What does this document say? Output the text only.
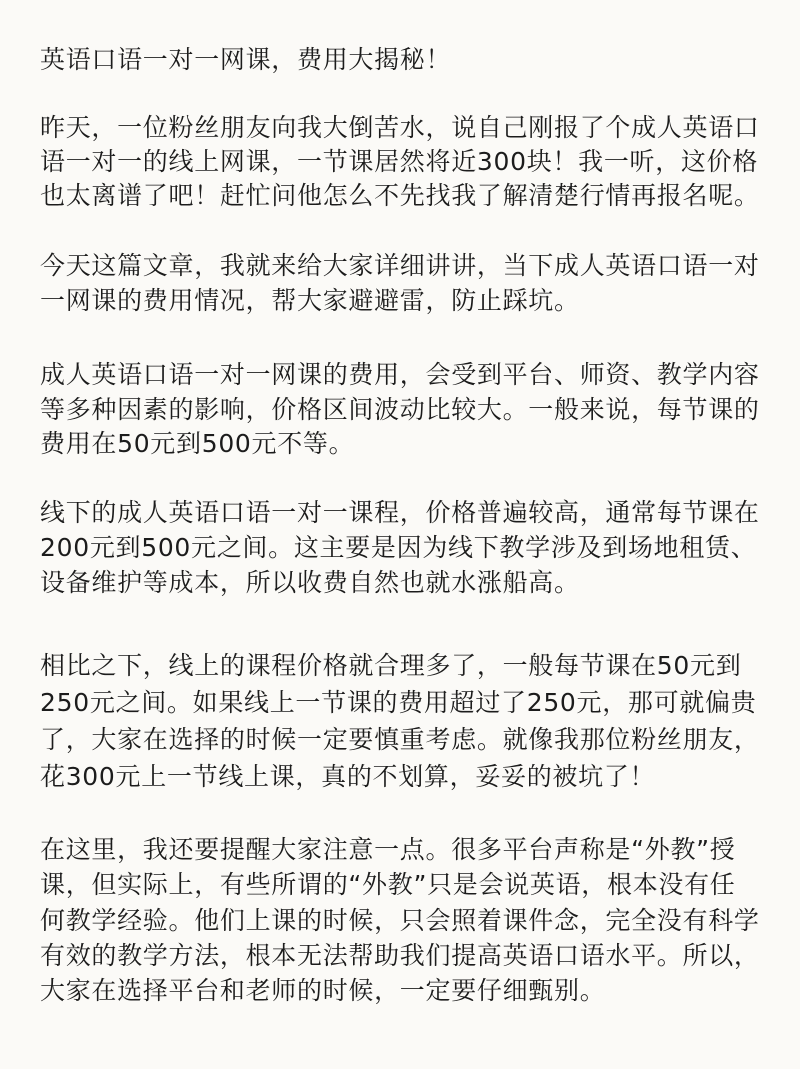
英语口语一对一网课，费用大揭秘！
昨天，一位粉丝朋友向我大倒苦水，说自己刚报了个成人英语口
语一对一的线上网课，一节课居然将近300块！我一听，这价格
也太离谱了吧！赶忙问他怎么不先找我了解清楚行情再报名呢。
今天这篇文章，我就来给大家详细讲讲，当下成人英语口语一对
一网课的费用情况，帮大家避避雷，防止踩坑。
成人英语口语一对一网课的费用，会受到平台、师资、教学内容
等多种因素的影响，价格区间波动比较大。一般来说，每节课的
费用在50元到500元不等。
线下的成人英语口语一对一课程，价格普遍较高，通常每节课在
200元到500元之间。这主要是因为线下教学涉及到场地租赁、
设备维护等成本，所以收费自然也就水涨船高。
相比之下，线上的课程价格就合理多了，一般每节课在50元到
250元之间。如果线上一节课的费用超过了250元，那可就偏贵
了，大家在选择的时候一定要慎重考虑。就像我那位粉丝朋友，
花300元上一节线上课，真的不划算，妥妥的被坑了！
在这里，我还要提醒大家注意一点。很多平台声称是“外教”授
课，但实际上，有些所谓的“外教”只是会说英语，根本没有任
何教学经验。他们上课的时候，只会照着课件念，完全没有科学
有效的教学方法，根本无法帮助我们提高英语口语水平。所以，
大家在选择平台和老师的时候，一定要仔细甄别。
